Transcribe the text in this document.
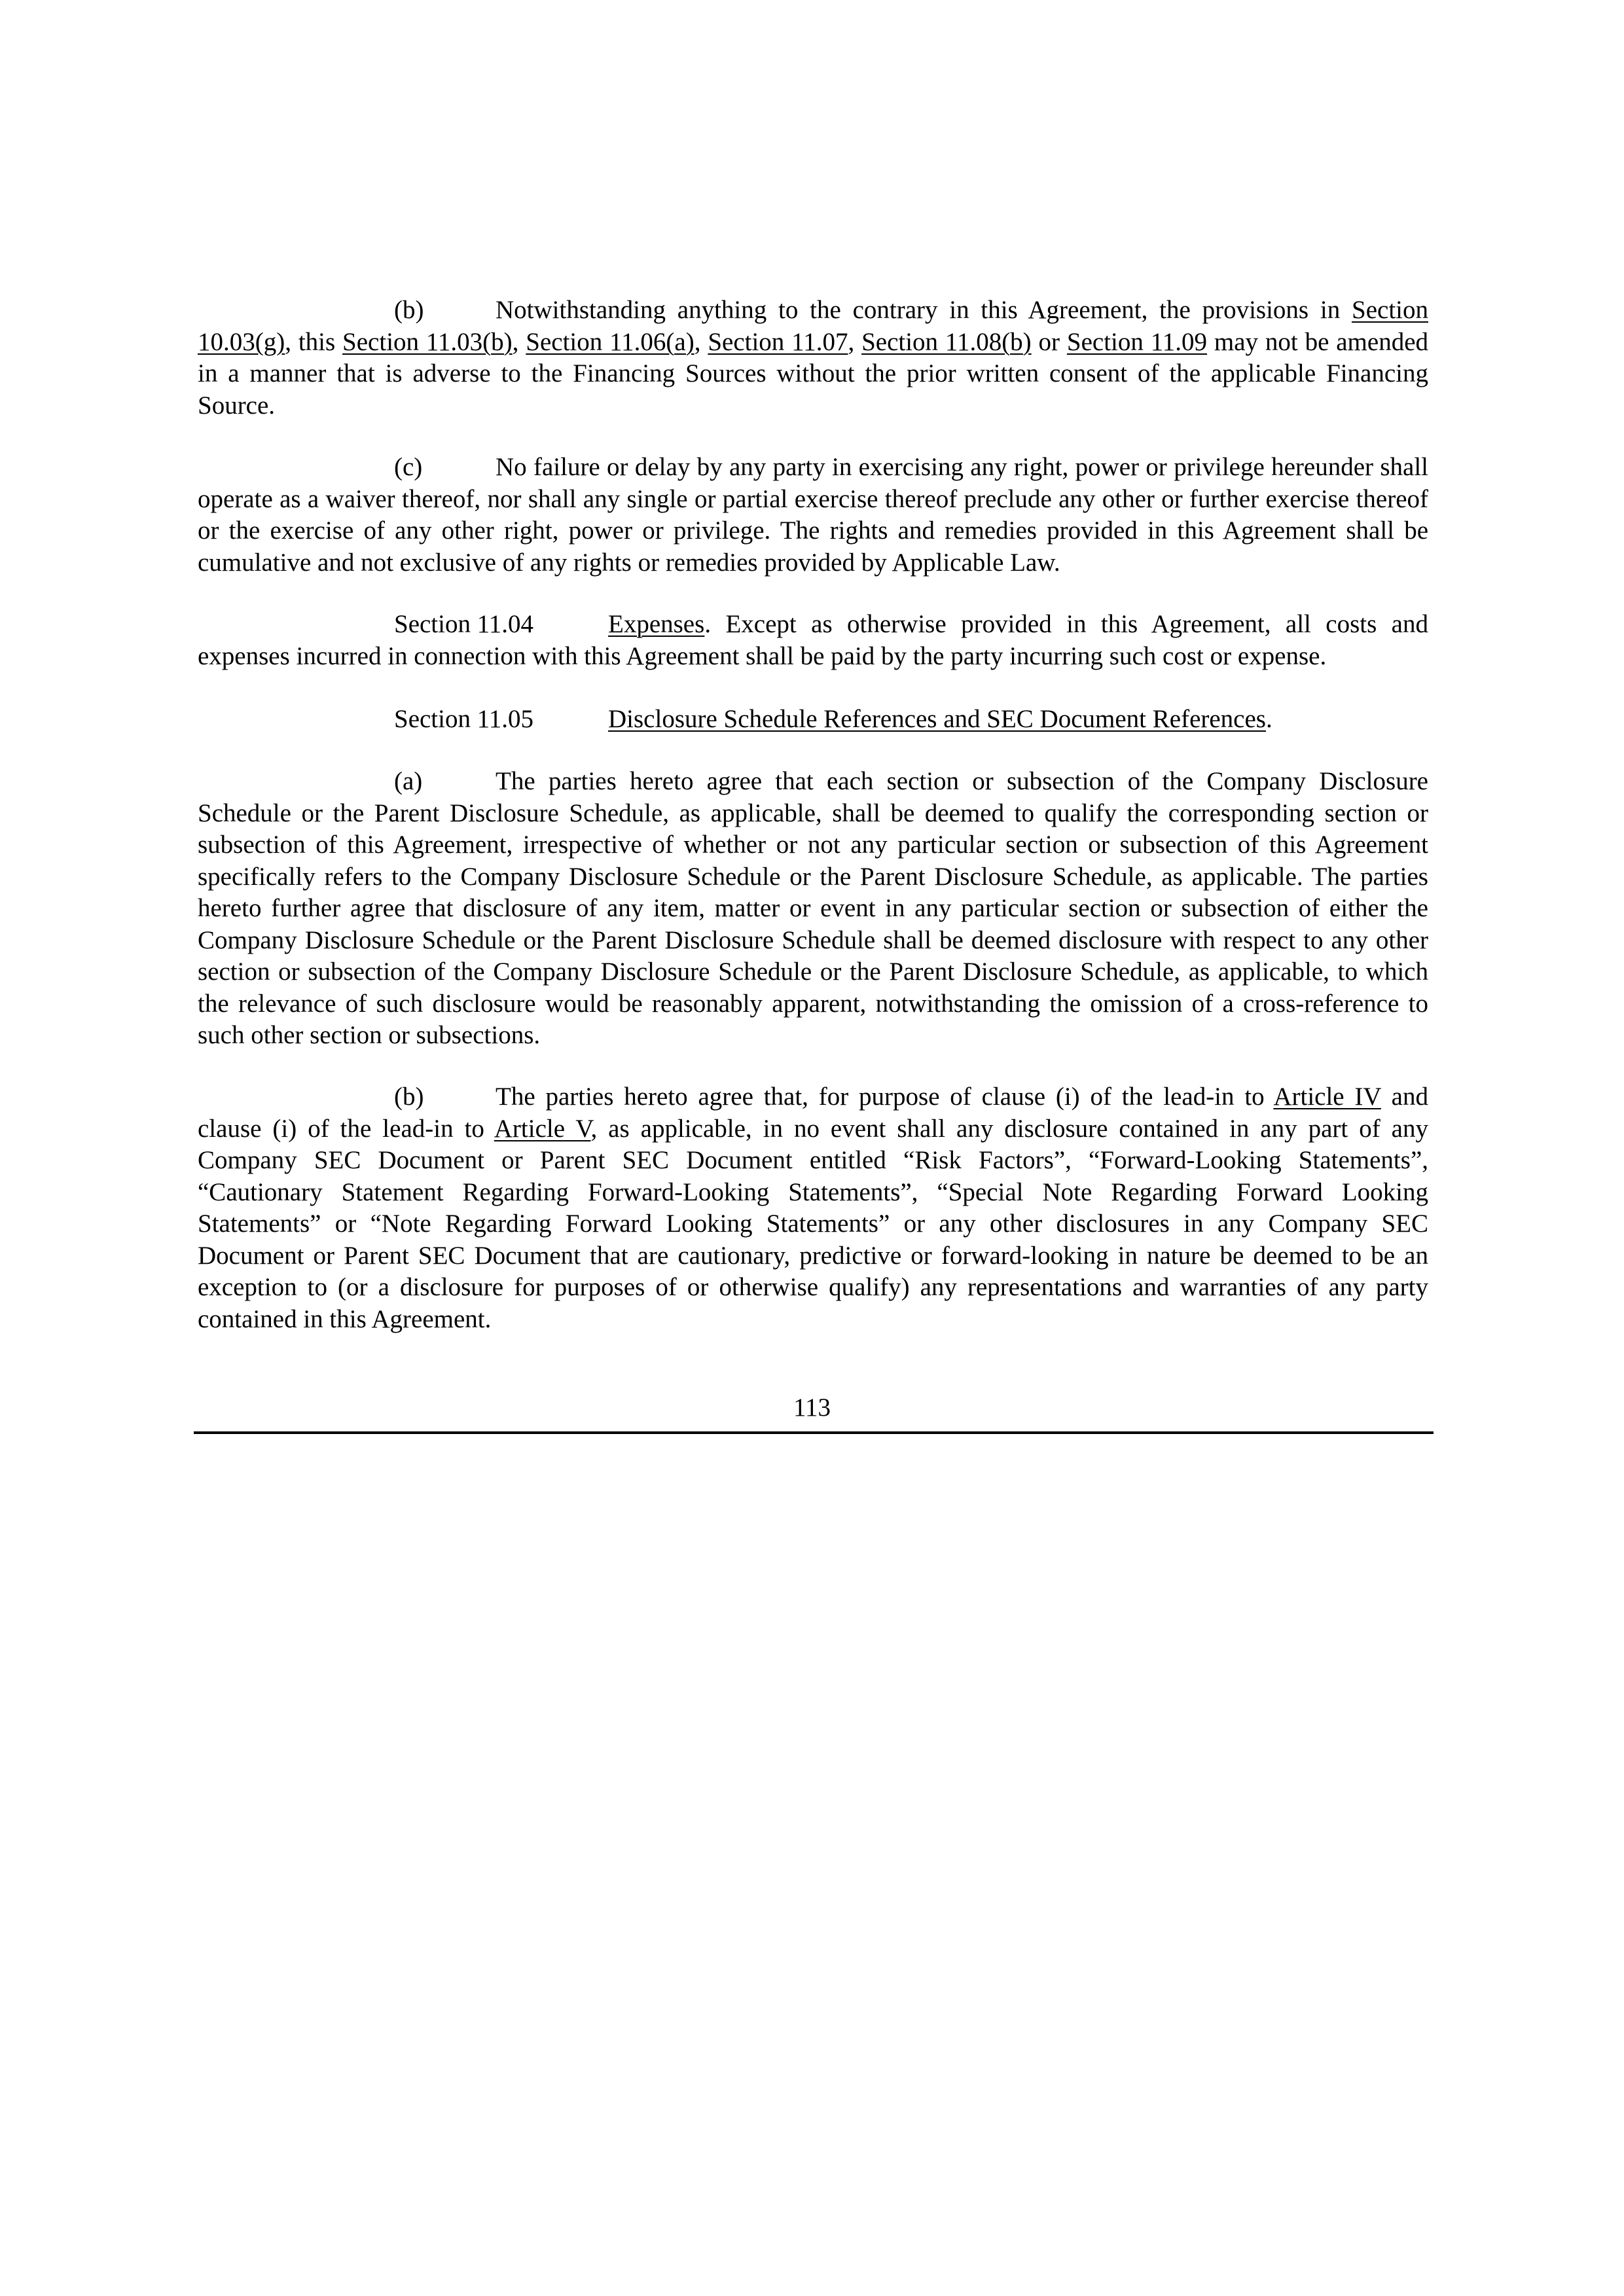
(b)	Notwithstanding anything to the contrary in this Agreement, the provisions in Section 10.03(g), this Section 11.03(b), Section 11.06(a), Section 11.07, Section 11.08(b) or Section 11.09 may not be amended in a manner that is adverse to the Financing Sources without the prior written consent of the applicable Financing Source.

(c)	No failure or delay by any party in exercising any right, power or privilege hereunder shall operate as a waiver thereof, nor shall any single or partial exercise thereof preclude any other or further exercise thereof or the exercise of any other right, power or privilege. The rights and remedies provided in this Agreement shall be cumulative and not exclusive of any rights or remedies provided by Applicable Law.

Section 11.04	Expenses. Except as otherwise provided in this Agreement, all costs and expenses incurred in connection with this Agreement shall be paid by the party incurring such cost or expense.

Section 11.05	Disclosure Schedule References and SEC Document References.

(a)	The parties hereto agree that each section or subsection of the Company Disclosure Schedule or the Parent Disclosure Schedule, as applicable, shall be deemed to qualify the corresponding section or subsection of this Agreement, irrespective of whether or not any particular section or subsection of this Agreement specifically refers to the Company Disclosure Schedule or the Parent Disclosure Schedule, as applicable. The parties hereto further agree that disclosure of any item, matter or event in any particular section or subsection of either the Company Disclosure Schedule or the Parent Disclosure Schedule shall be deemed disclosure with respect to any other section or subsection of the Company Disclosure Schedule or the Parent Disclosure Schedule, as applicable, to which the relevance of such disclosure would be reasonably apparent, notwithstanding the omission of a cross-reference to such other section or subsections.

(b)	The parties hereto agree that, for purpose of clause (i) of the lead-in to Article IV and clause (i) of the lead-in to Article V, as applicable, in no event shall any disclosure contained in any part of any Company SEC Document or Parent SEC Document entitled “Risk Factors”, “Forward-Looking Statements”, “Cautionary Statement Regarding Forward-Looking Statements”, “Special Note Regarding Forward Looking Statements” or “Note Regarding Forward Looking Statements” or any other disclosures in any Company SEC Document or Parent SEC Document that are cautionary, predictive or forward-looking in nature be deemed to be an exception to (or a disclosure for purposes of or otherwise qualify) any representations and warranties of any party contained in this Agreement.

113
